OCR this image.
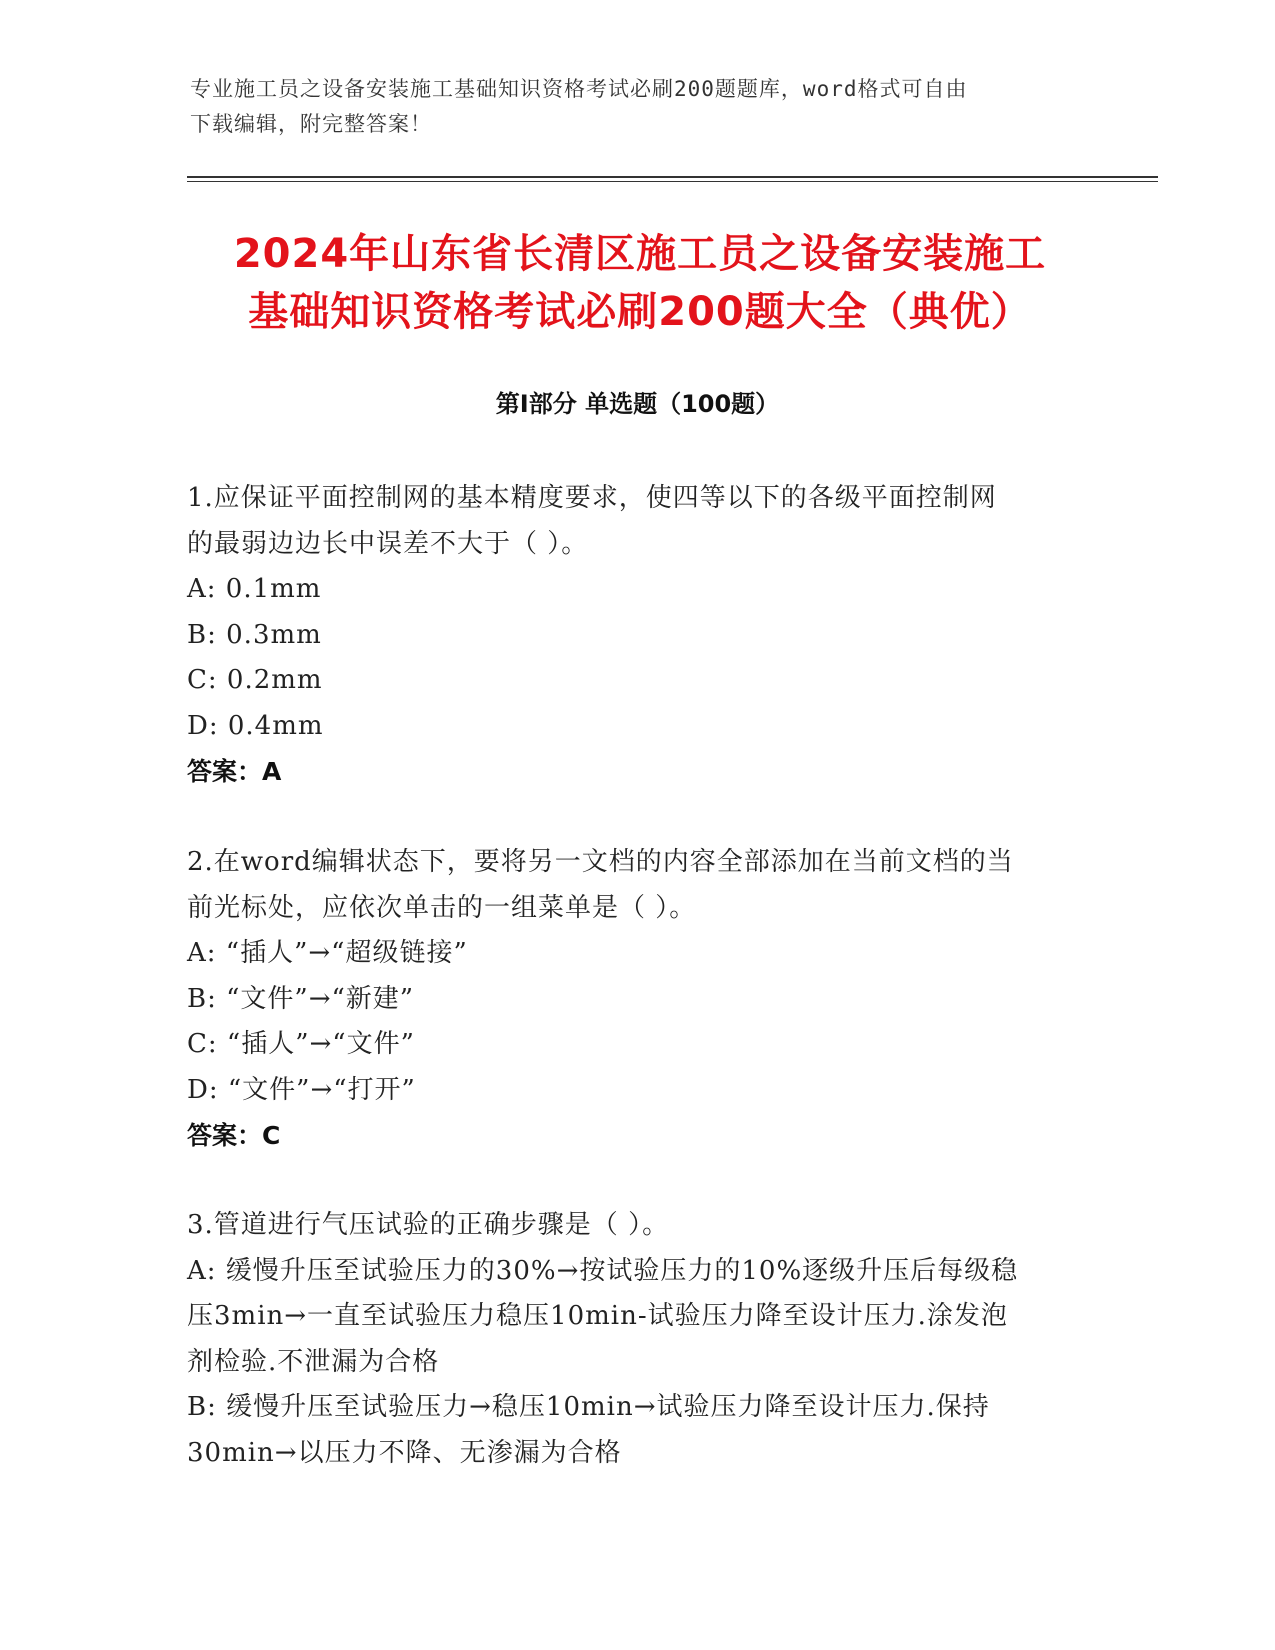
专业施工员之设备安装施工基础知识资格考试必刷200题题库，word格式可自由
下载编辑，附完整答案！
2024年山东省长清区施工员之设备安装施工
基础知识资格考试必刷200题大全（典优）
第Ⅰ部分 单选题（100题）
1.应保证平面控制网的基本精度要求，使四等以下的各级平面控制网
的最弱边边长中误差不大于（ ）。
A: 0.1mm
B: 0.3mm
C: 0.2mm
D: 0.4mm
答案：A
2.在word编辑状态下，要将另一文档的内容全部添加在当前文档的当
前光标处，应依次单击的一组菜单是（ ）。
A: “插人”→“超级链接”
B: “文件”→“新建”
C: “插人”→“文件”
D: “文件”→“打开”
答案：C
3.管道进行气压试验的正确步骤是（ ）。
A: 缓慢升压至试验压力的30%→按试验压力的10%逐级升压后每级稳
压3min→一直至试验压力稳压10min-试验压力降至设计压力.涂发泡
剂检验.不泄漏为合格
B: 缓慢升压至试验压力→稳压10min→试验压力降至设计压力.保持
30min→以压力不降、无渗漏为合格
